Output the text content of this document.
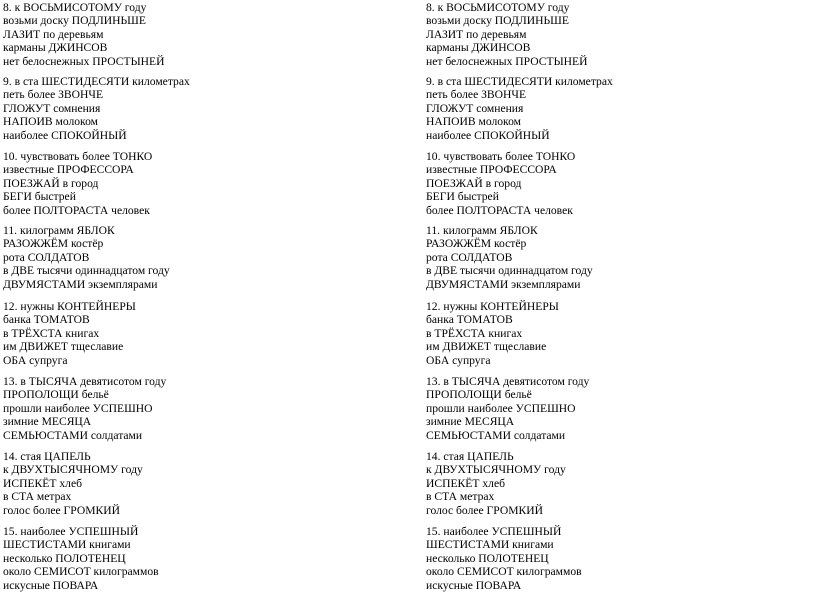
8. к ВОСЬМИСОТОМУ году
возьми доску ПОДЛИНЬШЕ
ЛАЗИТ по деревьям
карманы ДЖИНСОВ
нет белоснежных ПРОСТЫНЕЙ
9. в ста ШЕСТИДЕСЯТИ километрах
петь более ЗВОНЧЕ
ГЛОЖУТ сомнения
НАПОИВ молоком
наиболее СПОКОЙНЫЙ
10. чувствовать более ТОНКО
известные ПРОФЕССОРА
ПОЕЗЖАЙ в город
БЕГИ быстрей
более ПОЛТОРАСТА человек
11. килограмм ЯБЛОК
РАЗОЖЖЁМ костёр
рота СОЛДАТОВ
в ДВЕ тысячи одиннадцатом году
ДВУМЯСТАМИ экземплярами
12. нужны КОНТЕЙНЕРЫ
банка ТОМАТОВ
в ТРЁХСТА книгах
им ДВИЖЕТ тщеславие
ОБА супруга
13. в ТЫСЯЧА девятисотом году
ПРОПОЛОЩИ бельё
прошли наиболее УСПЕШНО
зимние МЕСЯЦА
СЕМЬЮСТАМИ солдатами
14. стая ЦАПЕЛЬ
к ДВУХТЫСЯЧНОМУ году
ИСПЕКЁТ хлеб
в СТА метрах
голос более ГРОМКИЙ
15. наиболее УСПЕШНЫЙ
ШЕСТИСТАМИ книгами
несколько ПОЛОТЕНЕЦ
около СЕМИСОТ килограммов
искусные ПОВАРА
8. к ВОСЬМИСОТОМУ году
возьми доску ПОДЛИНЬШЕ
ЛАЗИТ по деревьям
карманы ДЖИНСОВ
нет белоснежных ПРОСТЫНЕЙ
9. в ста ШЕСТИДЕСЯТИ километрах
петь более ЗВОНЧЕ
ГЛОЖУТ сомнения
НАПОИВ молоком
наиболее СПОКОЙНЫЙ
10. чувствовать более ТОНКО
известные ПРОФЕССОРА
ПОЕЗЖАЙ в город
БЕГИ быстрей
более ПОЛТОРАСТА человек
11. килограмм ЯБЛОК
РАЗОЖЖЁМ костёр
рота СОЛДАТОВ
в ДВЕ тысячи одиннадцатом году
ДВУМЯСТАМИ экземплярами
12. нужны КОНТЕЙНЕРЫ
банка ТОМАТОВ
в ТРЁХСТА книгах
им ДВИЖЕТ тщеславие
ОБА супруга
13. в ТЫСЯЧА девятисотом году
ПРОПОЛОЩИ бельё
прошли наиболее УСПЕШНО
зимние МЕСЯЦА
СЕМЬЮСТАМИ солдатами
14. стая ЦАПЕЛЬ
к ДВУХТЫСЯЧНОМУ году
ИСПЕКЁТ хлеб
в СТА метрах
голос более ГРОМКИЙ
15. наиболее УСПЕШНЫЙ
ШЕСТИСТАМИ книгами
несколько ПОЛОТЕНЕЦ
около СЕМИСОТ килограммов
искусные ПОВАРА
